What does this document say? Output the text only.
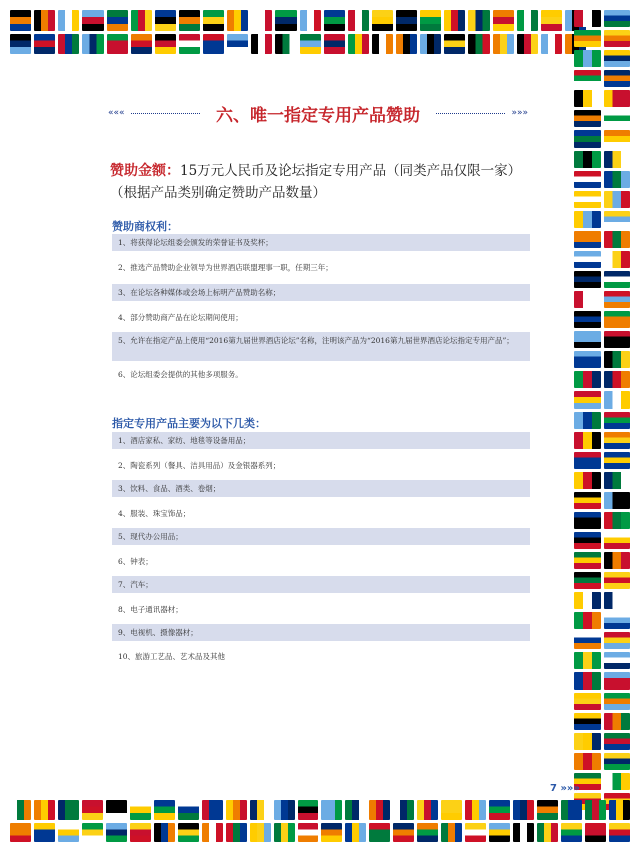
«««	六、唯一指定专用产品赞助	»»»
赞助金额：15万元人民币及论坛指定专用产品（同类产品仅限一家）
（根据产品类别确定赞助产品数量）
赞助商权利：
1、将获得论坛组委会颁发的荣誉证书及奖杯；
2、推选产品赞助企业领导为世界酒店联盟理事一职，任期三年；
3、在论坛各种媒体或会场上标明产品赞助名称；
4、部分赞助商产品在论坛期间使用；
5、允许在指定产品上使用“2016第九届世界酒店论坛”名称，注明该产品为“2016第九届世界酒店论坛指定专用产品”；
6、论坛组委会提供的其他多项服务。
指定专用产品主要为以下几类：
1、酒店家私、家纺、地毯等设备用品；
2、陶瓷系列（餐具、洁具用品）及金银器系列；
3、饮料、食品、酒类、卷烟；
4、服装、珠宝饰品；
5、现代办公用品；
6、钟表；
7、汽车；
8、电子通讯器材；
9、电视机、摄像器材；
10、旅游工艺品、艺术品及其他
7 »»»
